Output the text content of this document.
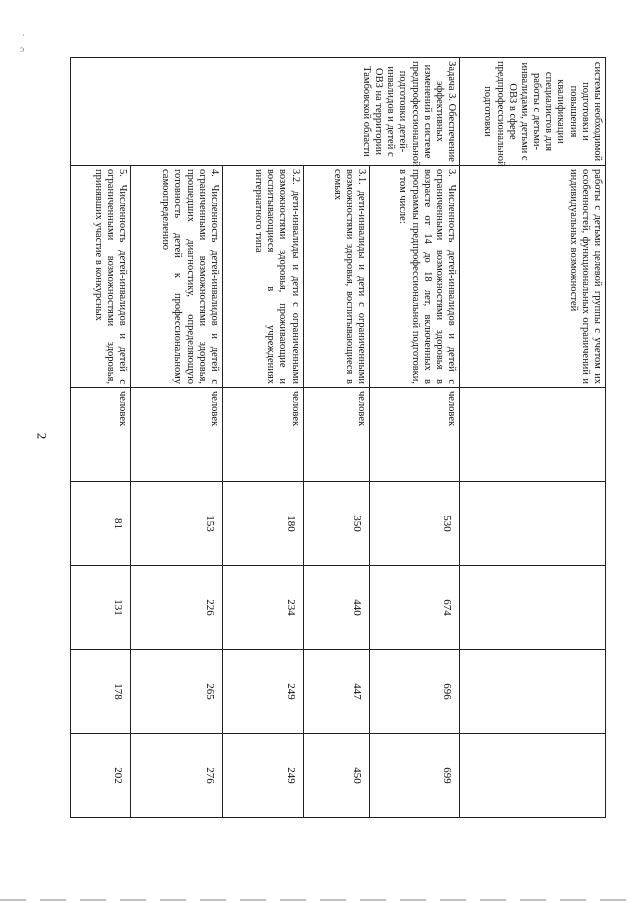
·
ᴐ
2
системы необходимой подготовки и повышения квалификации специалистов для работы с детьми-инвалидами, детьми с ОВЗ в сфере предпрофессиональной подготовки	работы с детьми целевой группы с учетом их особенностей, функциональных ограничений и индивидуальных возможностей					
Задача 3. Обеспечение эффективных изменений в системе предпрофессиональной подготовки детей-инвалидов и детей с ОВЗ на территории Тамбовской области	3. Численность детей-инвалидов и детей с ограниченными возможностями здоровья в возрасте от 14 до 18 лет, включенных в программы предпрофессиональной подготовки, в том числе:	человек	530	674	696	699
	3.1. дети-инвалиды и дети с ограниченными возможностями здоровья, воспитывающиеся в семьях	человек	350	440	447	450
	3.2. дети-инвалиды и дети с ограниченными возможностями здоровья, проживающие и воспитывающиеся в учреждениях интернатного типа	человек	180	234	249	249
	4. Численность детей-инвалидов и детей с ограниченными возможностями здоровья, прошедших диагностику, определяющую готовность детей к профессиональному самоопределению	человек	153	226	265	276
	5. Численность детей-инвалидов и детей с ограниченными возможностями здоровья, принявших участие в конкурсных	человек	81	131	178	202
